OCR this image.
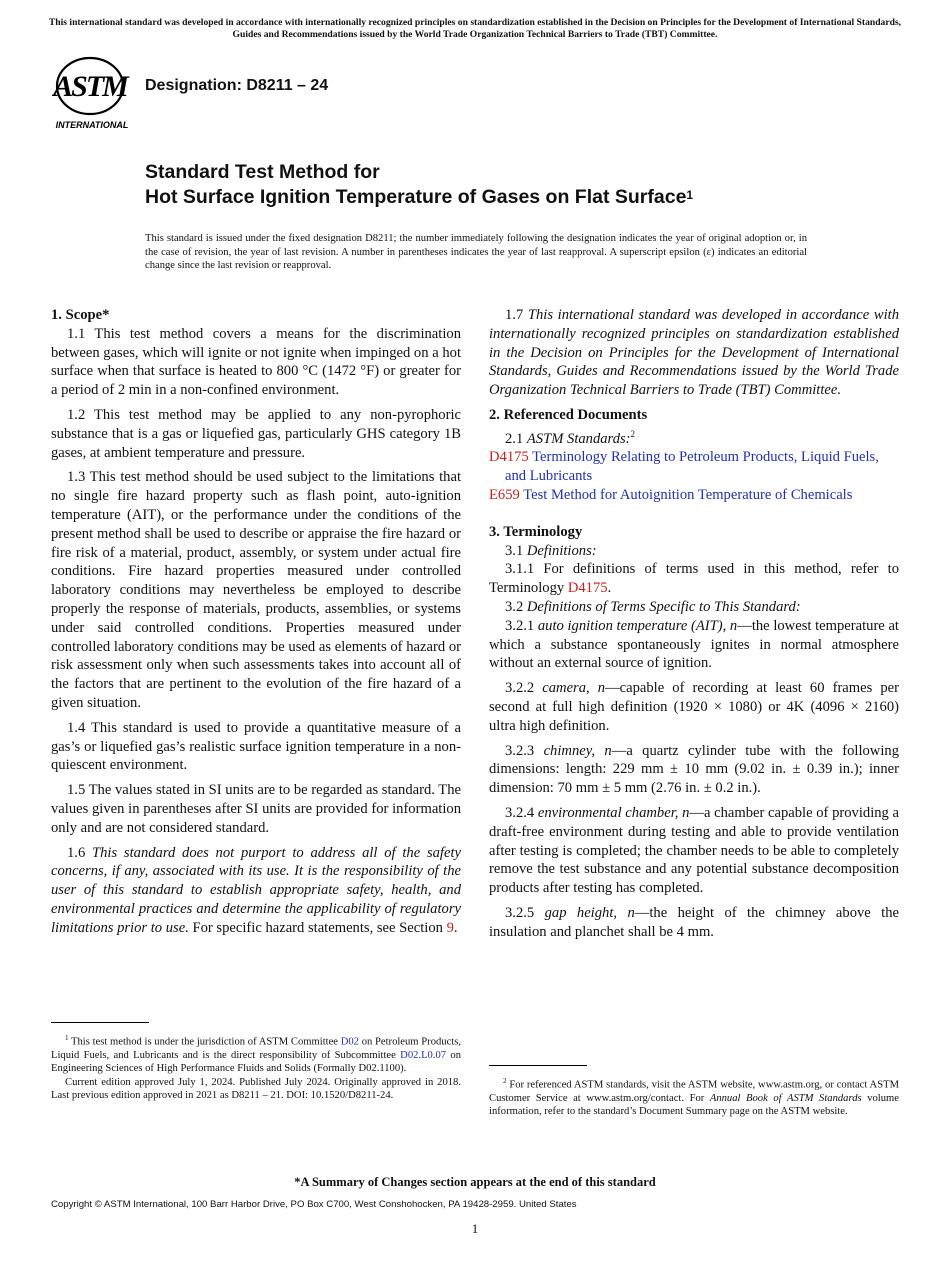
This international standard was developed in accordance with internationally recognized principles on standardization established in the Decision on Principles for the Development of International Standards, Guides and Recommendations issued by the World Trade Organization Technical Barriers to Trade (TBT) Committee.
ASTM
INTERNATIONAL
Designation: D8211 – 24
Standard Test Method for
Hot Surface Ignition Temperature of Gases on Flat Surface$^1$
This standard is issued under the fixed designation D8211; the number immediately following the designation indicates the year of original adoption or, in the case of revision, the year of last revision. A number in parentheses indicates the year of last reapproval. A superscript epsilon (ε) indicates an editorial change since the last revision or reapproval.

1. Scope*

1.1 This test method covers a means for the discrimination between gases, which will ignite or not ignite when impinged on a hot surface when that surface is heated to 800 °C (1472 °F) or greater for a period of 2 min in a non-confined environment.

1.2 This test method may be applied to any non-pyrophoric substance that is a gas or liquefied gas, particularly GHS category 1B gases, at ambient temperature and pressure.

1.3 This test method should be used subject to the limitations that no single fire hazard property such as flash point, auto-ignition temperature (AIT), or the performance under the conditions of the present method shall be used to describe or appraise the fire hazard or fire risk of a material, product, assembly, or system under actual fire conditions. Fire hazard properties measured under controlled laboratory conditions may nevertheless be employed to describe properly the response of materials, products, assemblies, or systems under said controlled conditions. Properties measured under controlled laboratory conditions may be used as elements of hazard or risk assessment only when such assessments takes into account all of the factors that are pertinent to the evolution of the fire hazard of a given situation.

1.4 This standard is used to provide a quantitative measure of a gas’s or liquefied gas’s realistic surface ignition temperature in a non-quiescent environment.

1.5 The values stated in SI units are to be regarded as standard. The values given in parentheses after SI units are provided for information only and are not considered standard.

1.6 This standard does not purport to address all of the safety concerns, if any, associated with its use. It is the responsibility of the user of this standard to establish appropriate safety, health, and environmental practices and determine the applicability of regulatory limitations prior to use. For specific hazard statements, see Section 9.

$^1$ This test method is under the jurisdiction of ASTM Committee D02 on Petroleum Products, Liquid Fuels, and Lubricants and is the direct responsibility of Subcommittee D02.L0.07 on Engineering Sciences of High Performance Fluids and Solids (Formally D02.1100).

Current edition approved July 1, 2024. Published July 2024. Originally approved in 2018. Last previous edition approved in 2021 as D8211 – 21. DOI: 10.1520/D8211-24.

1.7 This international standard was developed in accordance with internationally recognized principles on standardization established in the Decision on Principles for the Development of International Standards, Guides and Recommendations issued by the World Trade Organization Technical Barriers to Trade (TBT) Committee.

2. Referenced Documents

2.1 ASTM Standards:$^2$

D4175 Terminology Relating to Petroleum Products, Liquid Fuels, and Lubricants

E659 Test Method for Autoignition Temperature of Chemicals

3. Terminology

3.1 Definitions:

3.1.1 For definitions of terms used in this method, refer to Terminology D4175.

3.2 Definitions of Terms Specific to This Standard:

3.2.1 auto ignition temperature (AIT), n—the lowest temperature at which a substance spontaneously ignites in normal atmosphere without an external source of ignition.

3.2.2 camera, n—capable of recording at least 60 frames per second at full high definition (1920 × 1080) or 4K (4096 × 2160) ultra high definition.

3.2.3 chimney, n—a quartz cylinder tube with the following dimensions: length: 229 mm ± 10 mm (9.02 in. ± 0.39 in.); inner dimension: 70 mm ± 5 mm (2.76 in. ± 0.2 in.).

3.2.4 environmental chamber, n—a chamber capable of providing a draft-free environment during testing and able to provide ventilation after testing is completed; the chamber needs to be able to completely remove the test substance and any potential substance decomposition products after testing has completed.

3.2.5 gap height, n—the height of the chimney above the insulation and planchet shall be 4 mm.

$^2$ For referenced ASTM standards, visit the ASTM website, www.astm.org, or contact ASTM Customer Service at www.astm.org/contact. For Annual Book of ASTM Standards volume information, refer to the standard’s Document Summary page on the ASTM website.

*A Summary of Changes section appears at the end of this standard
Copyright © ASTM International, 100 Barr Harbor Drive, PO Box C700, West Conshohocken, PA 19428-2959. United States
1
